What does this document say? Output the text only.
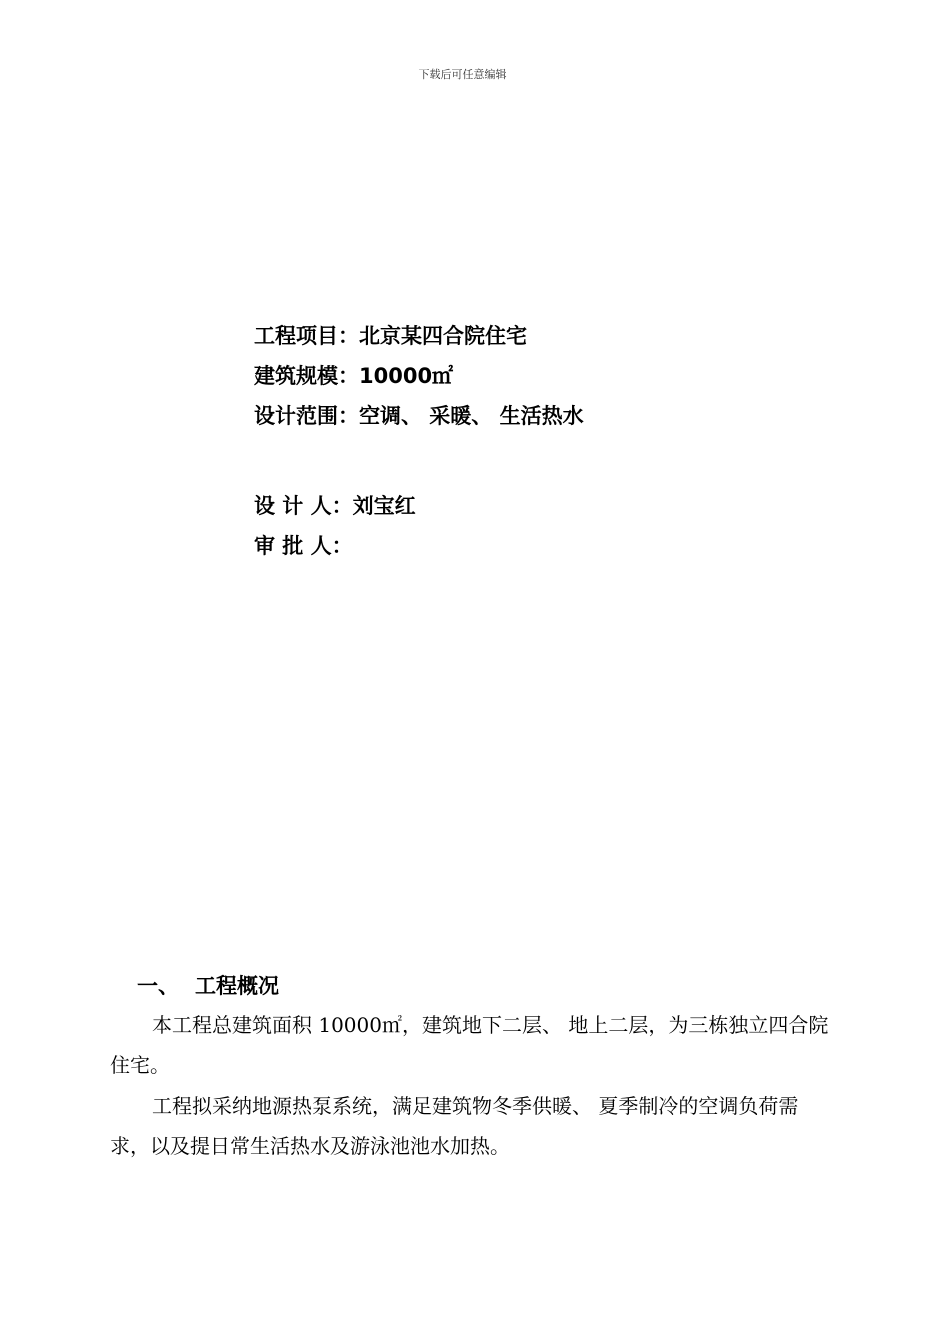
下载后可任意编辑
工程项目：北京某四合院住宅
建筑规模：10000㎡
设计范围：空调、 采暖、 生活热水
设 计 人：刘宝红
审 批 人：
一、 工程概况
本工程总建筑面积 10000㎡，建筑地下二层、 地上二层，为三栋独立四合院住宅。
工程拟采纳地源热泵系统，满足建筑物冬季供暖、 夏季制冷的空调负荷需求，以及提日常生活热水及游泳池池水加热。
